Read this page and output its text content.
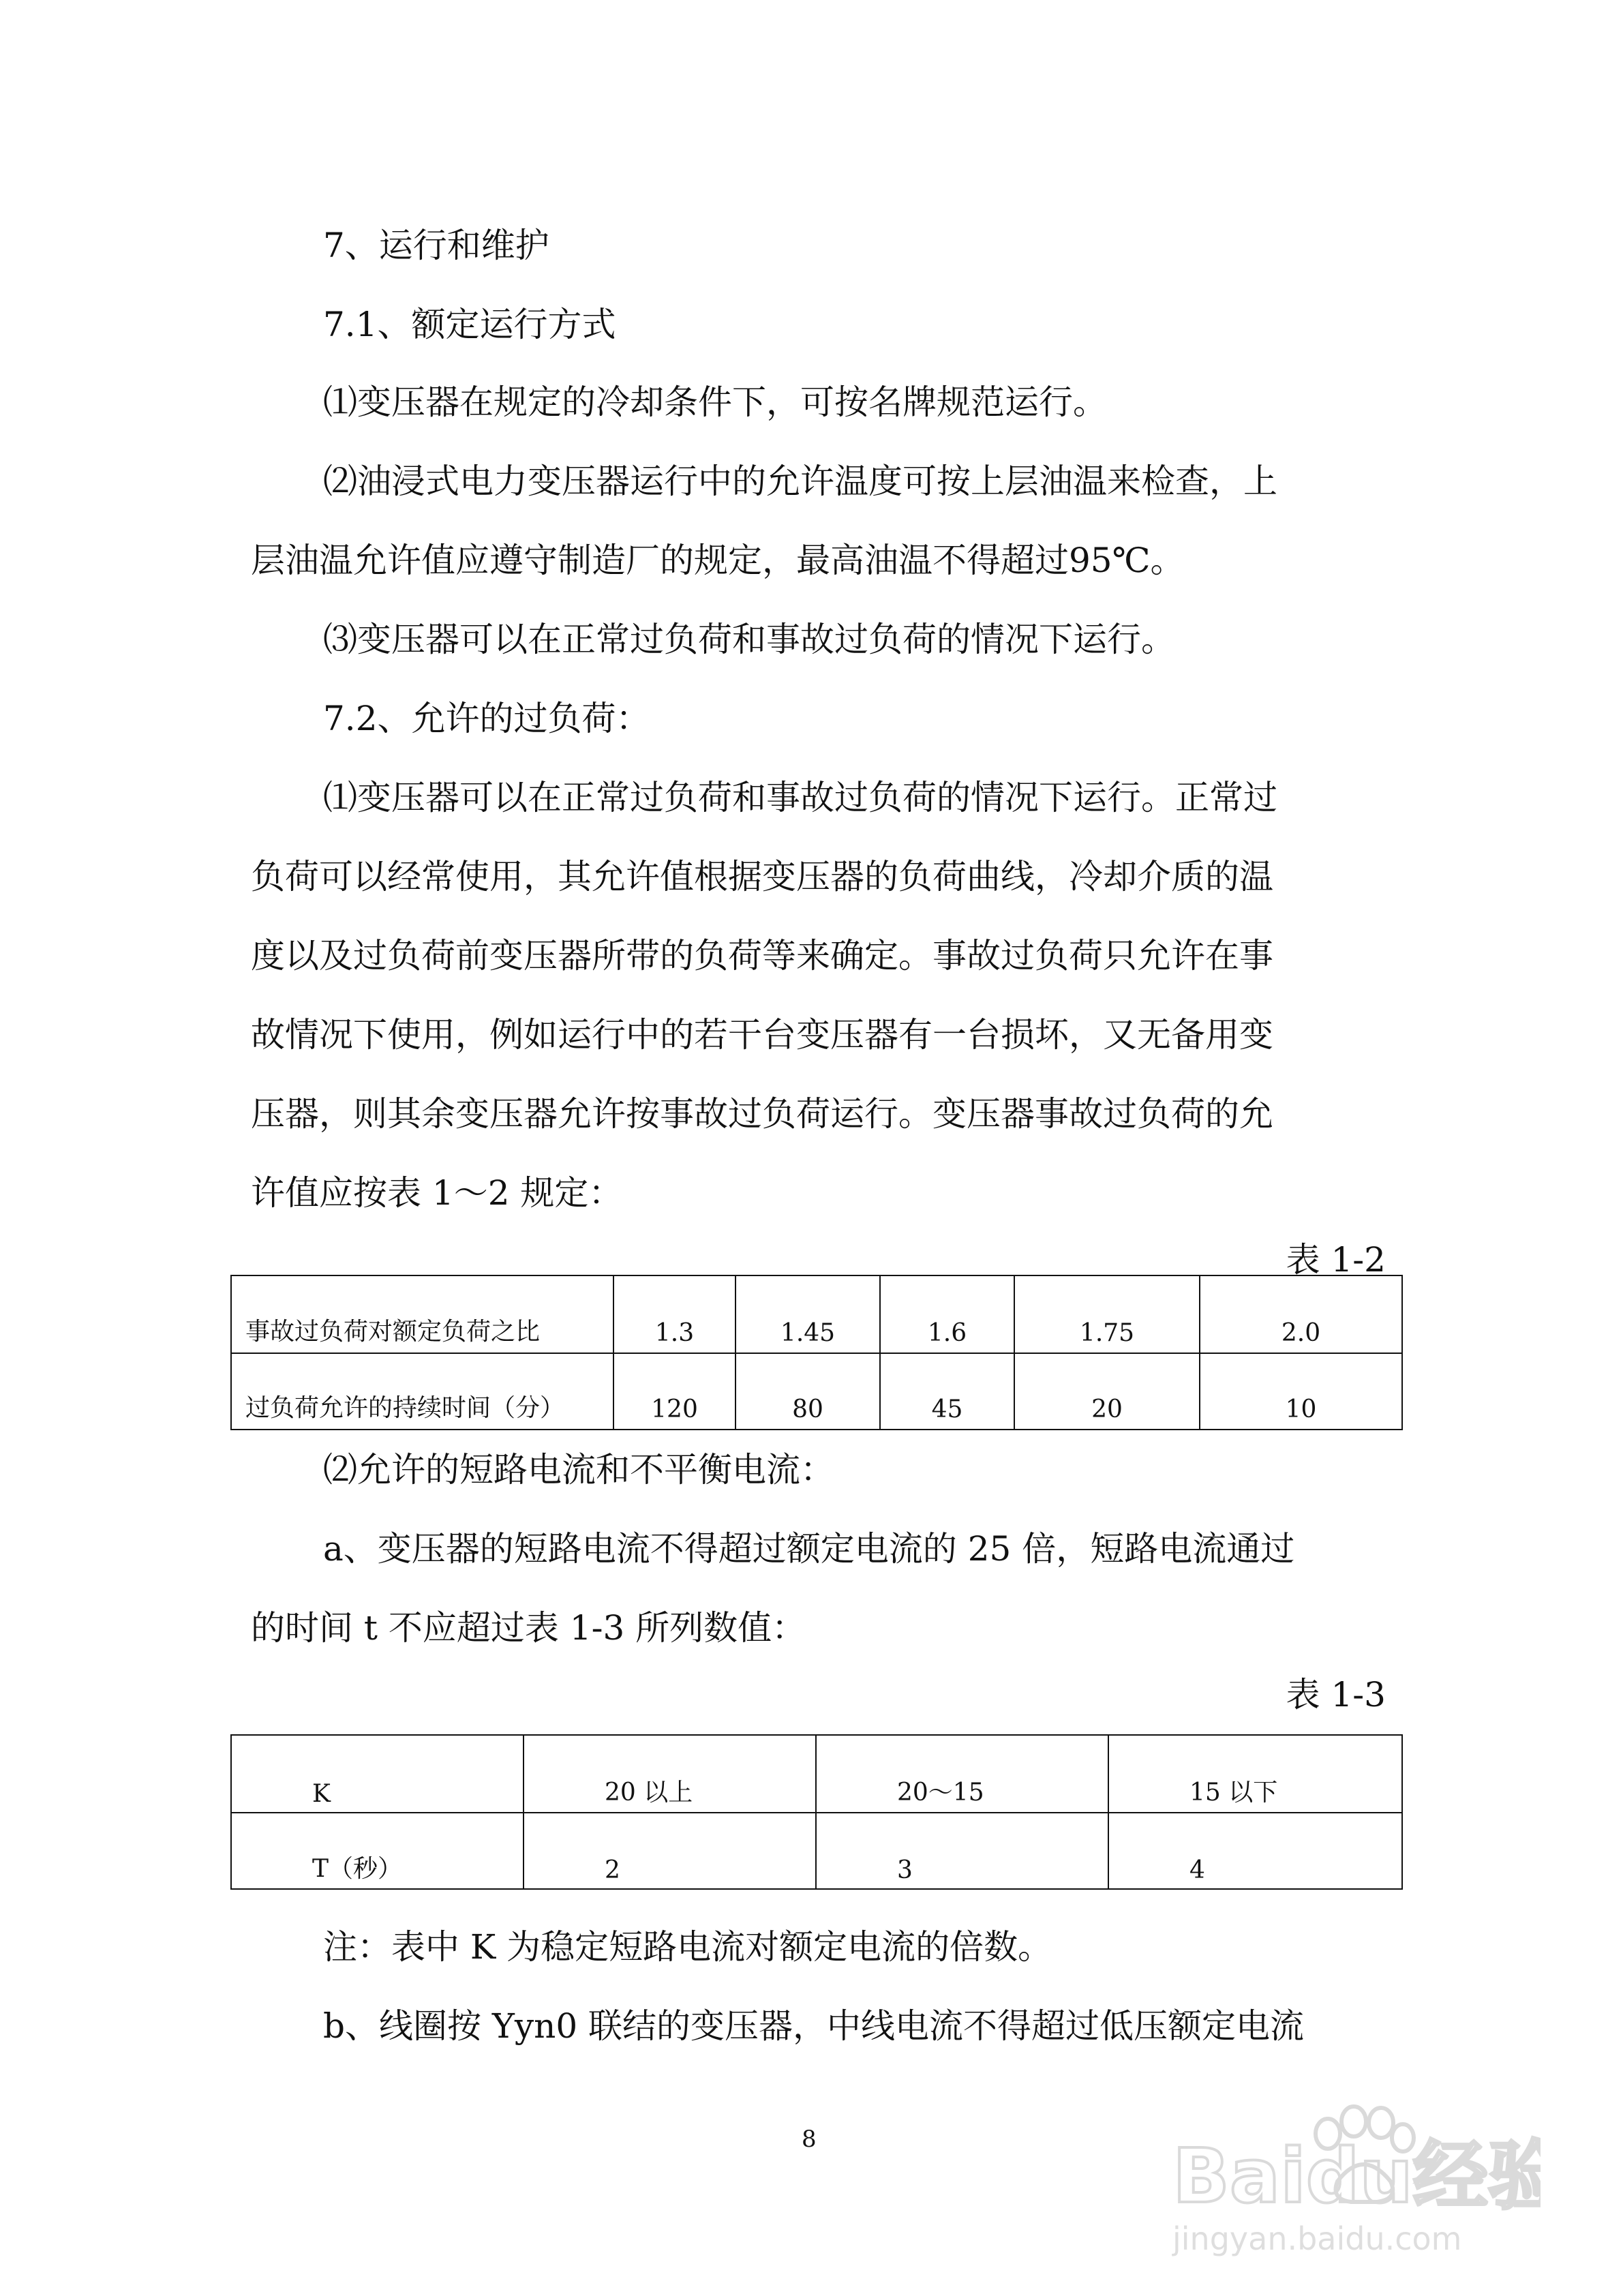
7、运行和维护

7.1、额定运行方式

⑴变压器在规定的冷却条件下，可按名牌规范运行。

⑵油浸式电力变压器运行中的允许温度可按上层油温来检查，上

层油温允许值应遵守制造厂的规定，最高油温不得超过95℃。

⑶变压器可以在正常过负荷和事故过负荷的情况下运行。

7.2、允许的过负荷：

⑴变压器可以在正常过负荷和事故过负荷的情况下运行。正常过

负荷可以经常使用，其允许值根据变压器的负荷曲线，冷却介质的温

度以及过负荷前变压器所带的负荷等来确定。事故过负荷只允许在事

故情况下使用，例如运行中的若干台变压器有一台损坏，又无备用变

压器，则其余变压器允许按事故过负荷运行。变压器事故过负荷的允

许值应按表 1～2 规定：

表 1-2
事故过负荷对额定负荷之比	1.3	1.45	1.6	1.75	2.0
过负荷允许的持续时间（分）	120	80	45	20	10

⑵允许的短路电流和不平衡电流：

a、变压器的短路电流不得超过额定电流的 25 倍，短路电流通过

的时间 t 不应超过表 1-3 所列数值：

表 1-3
K	20 以上	20～15	15 以下
T（秒）	2	3	4

注：表中 K 为稳定短路电流对额定电流的倍数。

b、线圈按 Yyn0 联结的变压器，中线电流不得超过低压额定电流

8	Baidu经验
jingyan.baidu.com
